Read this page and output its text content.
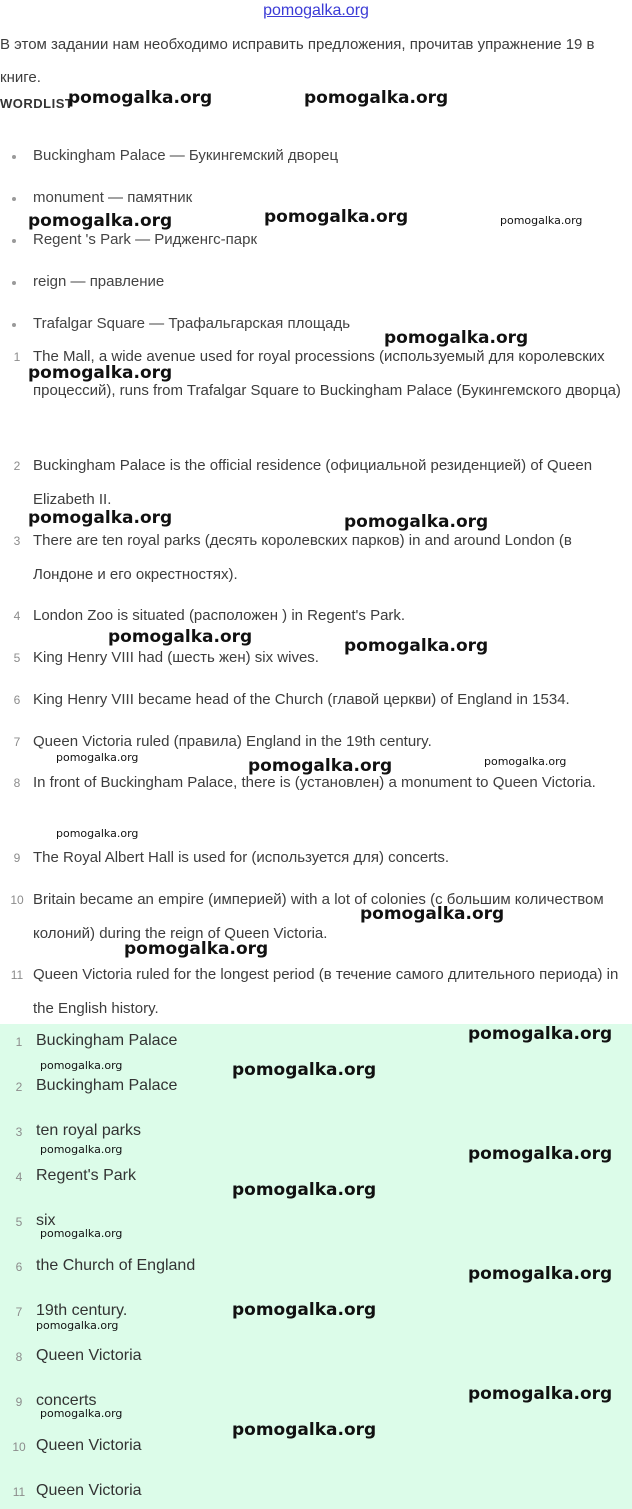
pomogalka.org
В этом задании нам необходимо исправить предложения, прочитав упражнение 19 в книге.
WORDLIST
Buckingham Palace — Букингемский дворец
monument — памятник
Regent 's Park — Ридженгс-парк
reign — правление
Trafalgar Square — Трафальгарская площадь
1 The Mall, a wide avenue used for royal processions (используемый для королевских процессий), runs from Trafalgar Square to Buckingham Palace (Букингемского дворца)
2 Buckingham Palace is the official residence (официальной резиденцией) of Queen Elizabeth II.
3 There are ten royal parks (десять королевских парков) in and around London (в Лондоне и его окрестностях).
4 London Zoo is situated (расположен ) in Regent's Park.
5 King Henry VIII had (шесть жен) six wives.
6 King Henry VIII became head of the Church (главой церкви) of England in 1534.
7 Queen Victoria ruled (правила) England in the 19th century.
8 In front of Buckingham Palace, there is (установлен) a monument to Queen Victoria.
9 The Royal Albert Hall is used for (используется для) concerts.
10 Britain became an empire (империей) with a lot of colonies (с большим количеством колоний) during the reign of Queen Victoria.
11 Queen Victoria ruled for the longest period (в течение самого длительного периода) in the English history.
1 Buckingham Palace
2 Buckingham Palace
3 ten royal parks
4 Regent's Park
5 six
6 the Church of England
7 19th century.
8 Queen Victoria
9 concerts
10 Queen Victoria
11 Queen Victoria
pomogalka.org	pomogalka.org
pomogalka.org	pomogalka.org	pomogalka.org
pomogalka.org
pomogalka.org
pomogalka.org	pomogalka.org
pomogalka.org	pomogalka.org
pomogalka.org	pomogalka.org	pomogalka.org
pomogalka.org
pomogalka.org
pomogalka.org
pomogalka.org
pomogalka.org	pomogalka.org
pomogalka.org	pomogalka.org
pomogalka.org
pomogalka.org
pomogalka.org
pomogalka.org
pomogalka.org
pomogalka.org
pomogalka.org
pomogalka.org
